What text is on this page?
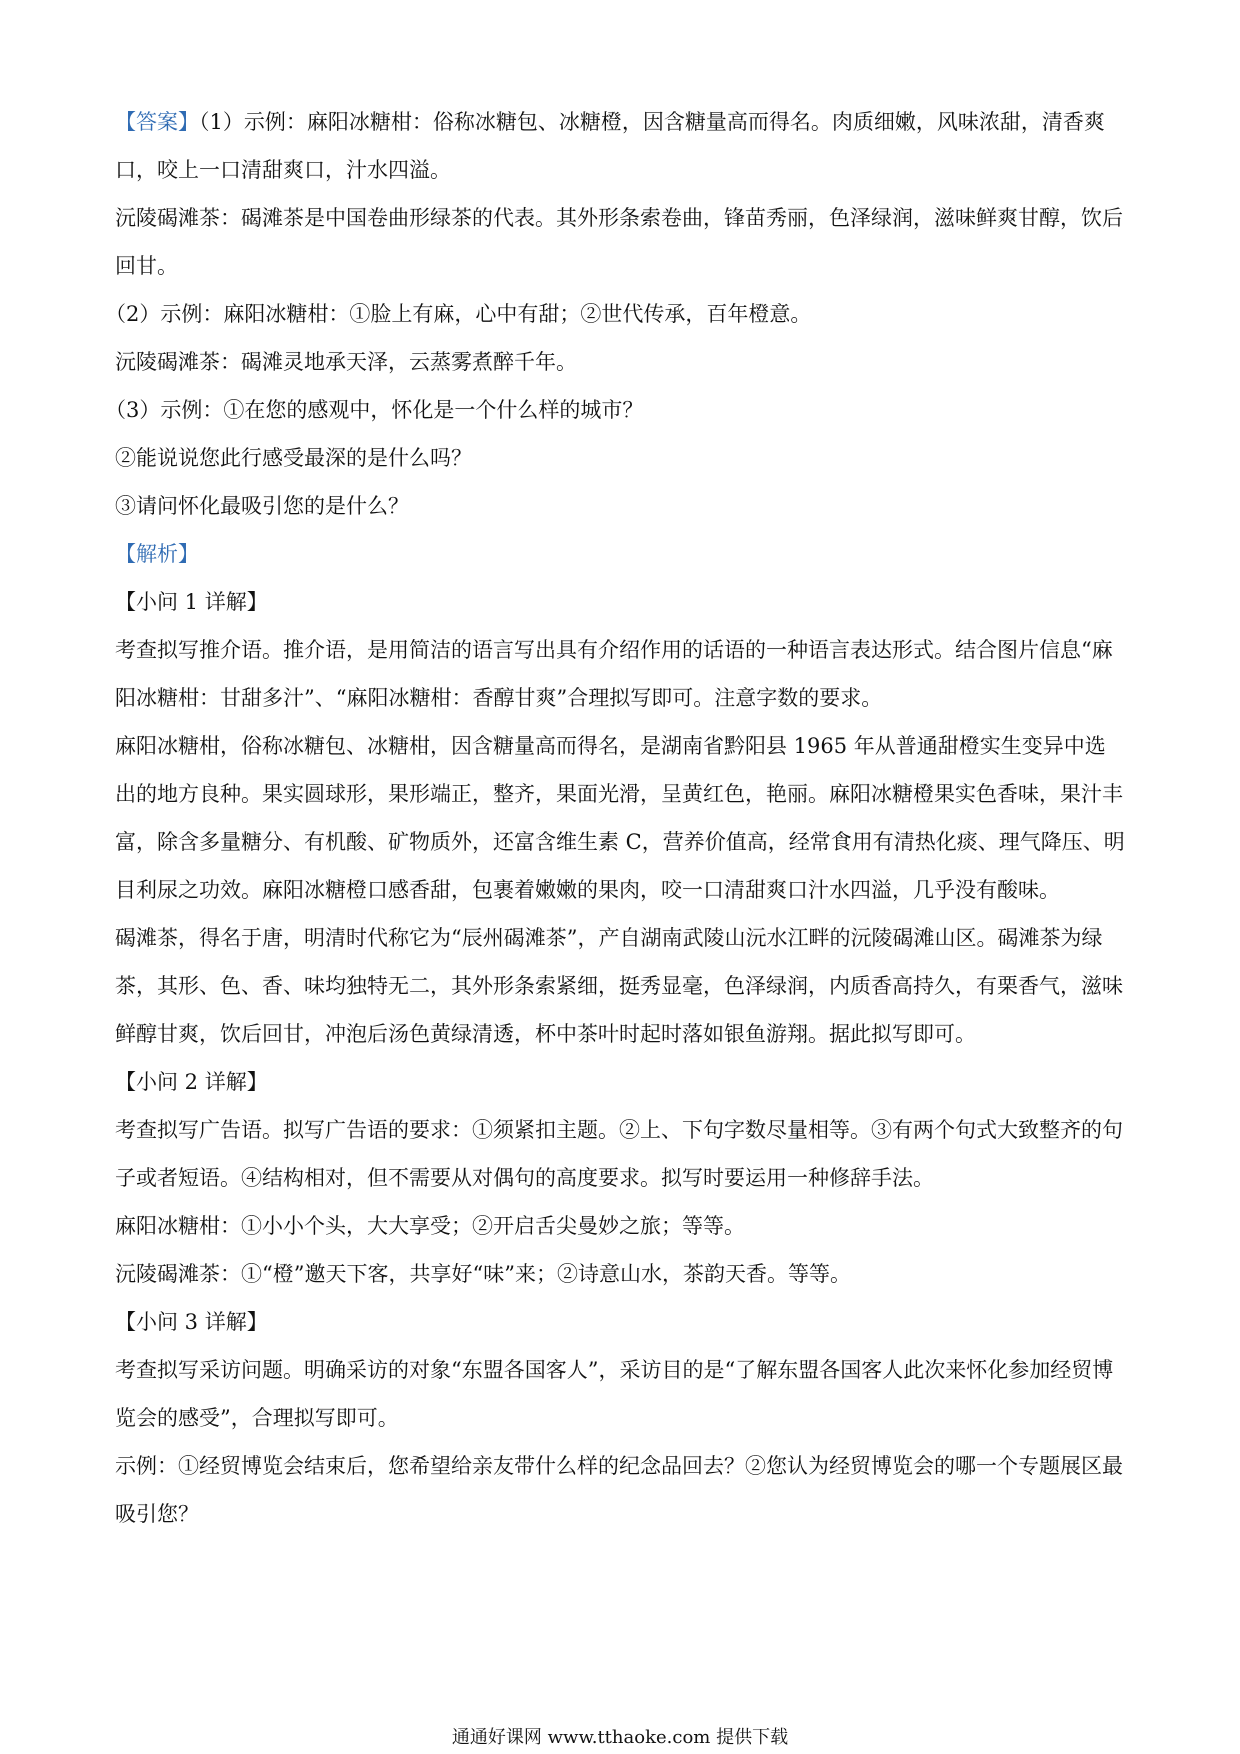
【答案】（1）示例：麻阳冰糖柑：俗称冰糖包、冰糖橙，因含糖量高而得名。肉质细嫩，风味浓甜，清香爽口，咬上一口清甜爽口，汁水四溢。

沅陵碣滩茶：碣滩茶是中国卷曲形绿茶的代表。其外形条索卷曲，锋苗秀丽，色泽绿润，滋味鲜爽甘醇，饮后回甘。

（2）示例：麻阳冰糖柑：①脸上有麻，心中有甜；②世代传承，百年橙意。

沅陵碣滩茶：碣滩灵地承天泽，云蒸雾煮醉千年。

（3）示例：①在您的感观中，怀化是一个什么样的城市？

②能说说您此行感受最深的是什么吗？

③请问怀化最吸引您的是什么？

【解析】

【小问 1 详解】

考查拟写推介语。推介语，是用简洁的语言写出具有介绍作用的话语的一种语言表达形式。结合图片信息“麻阳冰糖柑：甘甜多汁”、“麻阳冰糖柑：香醇甘爽”合理拟写即可。注意字数的要求。

麻阳冰糖柑，俗称冰糖包、冰糖柑，因含糖量高而得名，是湖南省黔阳县 1965 年从普通甜橙实生变异中选出的地方良种。果实圆球形，果形端正，整齐，果面光滑，呈黄红色，艳丽。麻阳冰糖橙果实色香味，果汁丰富，除含多量糖分、有机酸、矿物质外，还富含维生素 C，营养价值高，经常食用有清热化痰、理气降压、明目利尿之功效。麻阳冰糖橙口感香甜，包裹着嫩嫩的果肉，咬一口清甜爽口汁水四溢，几乎没有酸味。

碣滩茶，得名于唐，明清时代称它为“辰州碣滩茶”，产自湖南武陵山沅水江畔的沅陵碣滩山区。碣滩茶为绿茶，其形、色、香、味均独特无二，其外形条索紧细，挺秀显毫，色泽绿润，内质香高持久，有栗香气，滋味鲜醇甘爽，饮后回甘，冲泡后汤色黄绿清透，杯中茶叶时起时落如银鱼游翔。据此拟写即可。

【小问 2 详解】

考查拟写广告语。拟写广告语的要求：①须紧扣主题。②上、下句字数尽量相等。③有两个句式大致整齐的句子或者短语。④结构相对，但不需要从对偶句的高度要求。拟写时要运用一种修辞手法。

麻阳冰糖柑：①小小个头，大大享受；②开启舌尖曼妙之旅；等等。

沅陵碣滩茶：①“橙”邀天下客，共享好“味”来；②诗意山水，茶韵天香。等等。

【小问 3 详解】

考查拟写采访问题。明确采访的对象“东盟各国客人”，采访目的是“了解东盟各国客人此次来怀化参加经贸博览会的感受”，合理拟写即可。

示例：①经贸博览会结束后，您希望给亲友带什么样的纪念品回去？②您认为经贸博览会的哪一个专题展区最吸引您？

通通好课网 www.tthaoke.com 提供下载
